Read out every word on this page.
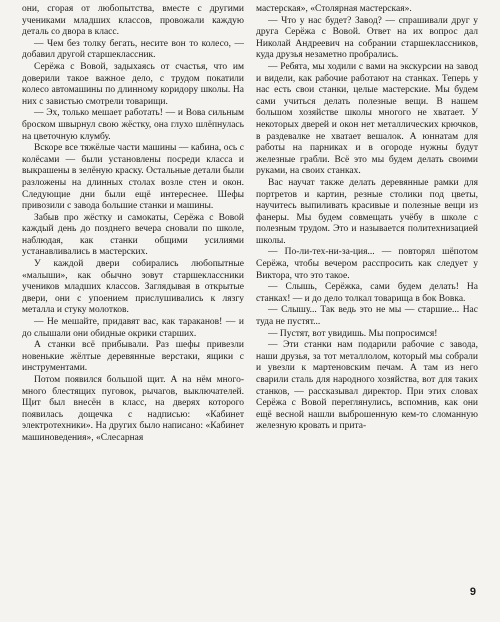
они, сгорая от любопытства, вместе с другими учениками младших классов, провожали каждую деталь со двора в класс.

— Чем без толку бегать, несите вон то колесо, — добавил другой старшеклассник.

Серёжа с Вовой, задыхаясь от счастья, что им доверили такое важное дело, с трудом покатили колесо автомашины по длинному коридору школы. На них с завистью смотрели товарищи.

— Эх, только мешает работать! — и Вова сильным броском швырнул свою жёстку, она глухо шлёпнулась на цветочную клумбу.

Вскоре все тяжёлые части машины — кабина, ось с колёсами — были установлены посреди класса и выкрашены в зелёную краску. Остальные детали были разложены на длинных столах возле стен и окон. Следующие дни были ещё интереснее. Шефы привозили с завода большие станки и машины.

Забыв про жёстку и самокаты, Серёжа с Вовой каждый день до позднего вечера сновали по школе, наблюдая, как станки общими усилиями устанавливались в мастерских.

У каждой двери собирались любопытные «малыши», как обычно зовут старшеклассники учеников младших классов. Заглядывая в открытые двери, они с упоением прислушивались к лязгу металла и стуку молотков.

— Не мешайте, придавят вас, как тараканов! — и до слышали они обидные окрики старших.

А станки всё прибывали. Раз шефы привезли новенькие жёлтые деревянные верстаки, ящики с инструментами.

Потом появился большой щит. А на нём много-много блестящих пуговок, рычагов, выключателей. Щит был внесён в класс, на дверях которого появилась дощечка с надписью: «Кабинет электротехники». На других было написано: «Кабинет машиноведения», «Слесарная

мастерская», «Столярная мастерская».

— Что у нас будет? Завод? — спрашивали друг у друга Серёжа с Вовой. Ответ на их вопрос дал Николай Андреевич на собрании старшеклассников, куда друзья незаметно пробрались.

— Ребята, мы ходили с вами на экскурсии на завод и видели, как рабочие работают на станках. Теперь у нас есть свои станки, целые мастерские. Мы будем сами учиться делать полезные вещи. В нашем большом хозяйстве школы многого не хватает. У некоторых дверей и окон нет металлических крючков, в раздевалке не хватает вешалок. А юннатам для работы на парниках и в огороде нужны будут железные грабли. Всё это мы будем делать своими руками, на своих станках.

Вас научат также делать деревянные рамки для портретов и картин, резные столики под цветы, научитесь выпиливать красивые и полезные вещи из фанеры. Мы будем совмещать учёбу в школе с полезным трудом. Это и называется политехнизацией школы.

— По-ли-тех-ни-за-ция... — повторял шёпотом Серёжа, чтобы вечером расспросить как следует у Виктора, что это такое.

— Слышь, Серёжка, сами будем делать! На станках! — и до дело толкал товарища в бок Вовка.

— Слышу... Так ведь это не мы — старшие... Нас туда не пустят...

— Пустят, вот увидишь. Мы попросимся!

— Эти станки нам подарили рабочие с завода, наши друзья, за тот металлолом, который мы собрали и увезли к мартеновским печам. А там из него сварили сталь для народного хозяйства, вот для таких станков, — рассказывал директор. При этих словах Серёжа с Вовой переглянулись, вспомнив, как они ещё весной нашли выброшенную кем-то сломанную железную кровать и прита-

9
